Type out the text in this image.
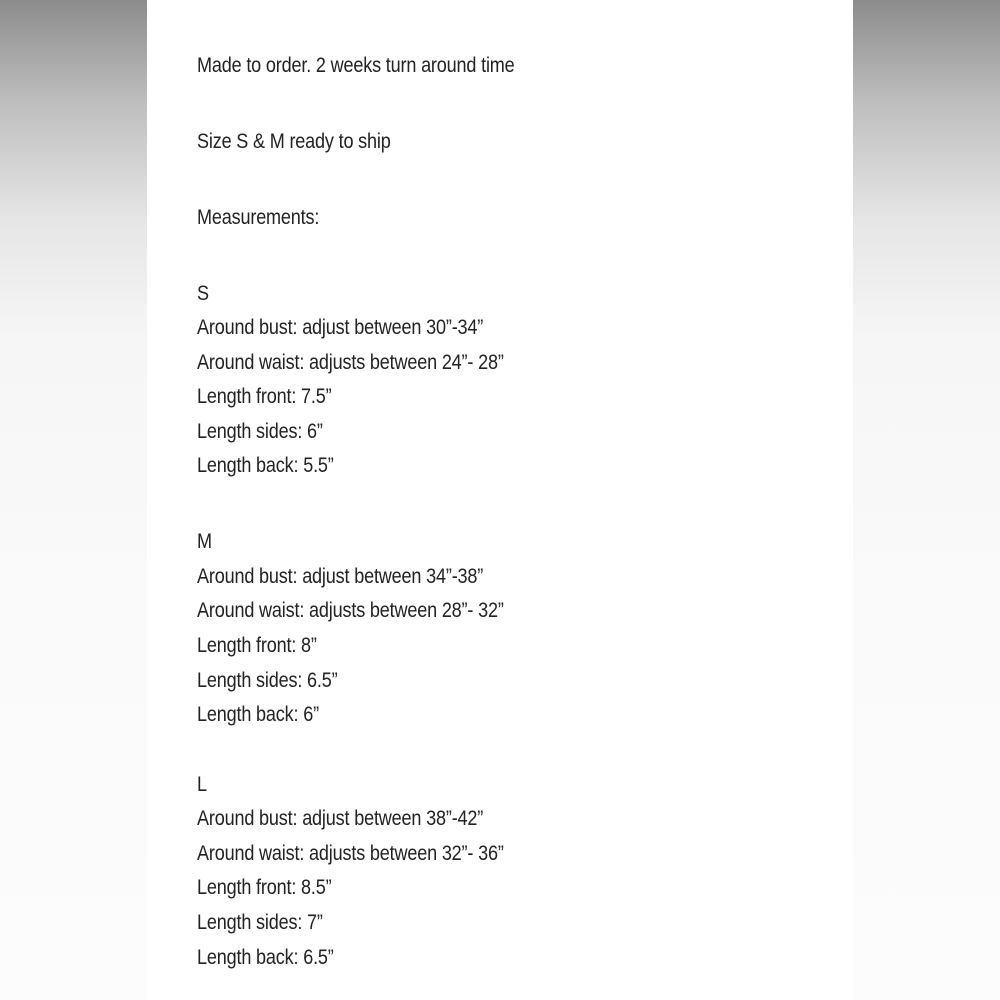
Made to order. 2 weeks turn around time
Size S & M ready to ship
Measurements:
S
Around bust: adjust between 30”-34”
Around waist: adjusts between 24”- 28”
Length front: 7.5”
Length sides: 6”
Length back: 5.5”
M
Around bust: adjust between 34”-38”
Around waist: adjusts between 28”- 32”
Length front: 8”
Length sides: 6.5”
Length back: 6”
L
Around bust: adjust between 38”-42”
Around waist: adjusts between 32”- 36”
Length front: 8.5”
Length sides: 7”
Length back: 6.5”
